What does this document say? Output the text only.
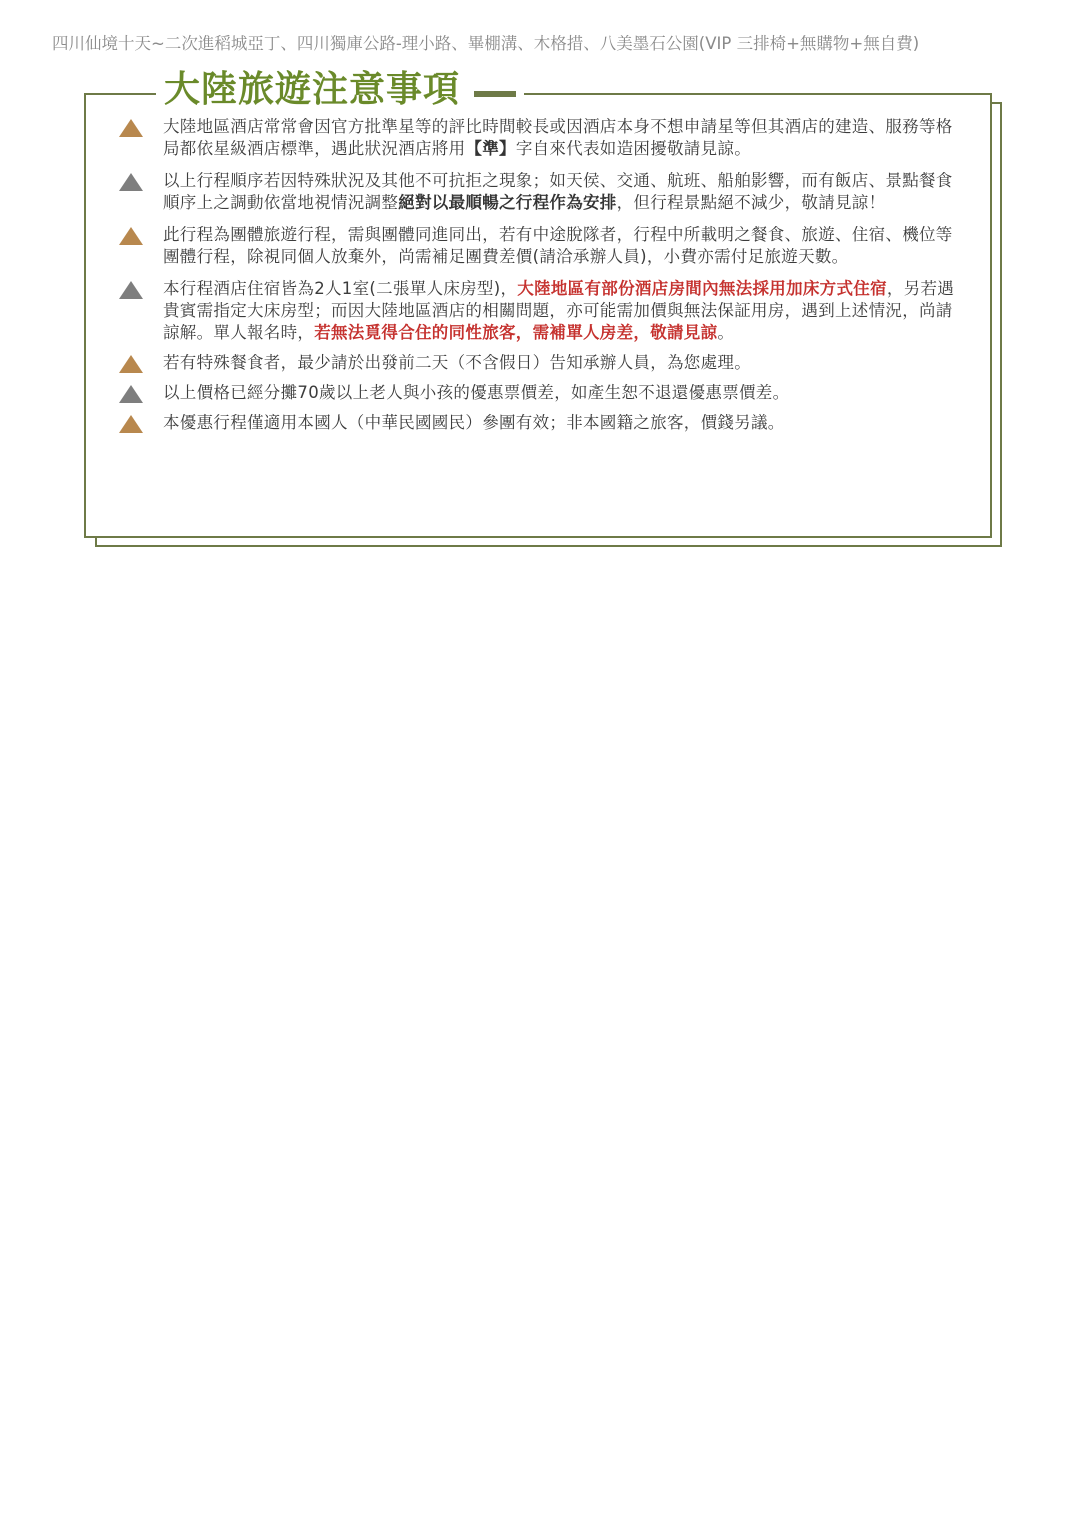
四川仙境十天~二次進稻城亞丁、四川獨庫公路-理小路、畢棚溝、木格措、八美墨石公園(VIP 三排椅+無購物+無自費)
大陸旅遊注意事項
大陸地區酒店常常會因官方批準星等的評比時間較長或因酒店本身不想申請星等但其酒店的建造、服務等格局都依星級酒店標準，遇此狀況酒店將用【準】字自來代表如造困擾敬請見諒。
以上行程順序若因特殊狀況及其他不可抗拒之現象；如天侯、交通、航班、船舶影響，而有飯店、景點餐食順序上之調動依當地視情況調整絕對以最順暢之行程作為安排，但行程景點絕不減少，敬請見諒！
此行程為團體旅遊行程，需與團體同進同出，若有中途脫隊者，行程中所載明之餐食、旅遊、住宿、機位等團體行程，除視同個人放棄外，尚需補足團費差價(請洽承辦人員)，小費亦需付足旅遊天數。
本行程酒店住宿皆為2人1室(二張單人床房型)，大陸地區有部份酒店房間內無法採用加床方式住宿，另若遇貴賓需指定大床房型；而因大陸地區酒店的相關問題，亦可能需加價與無法保証用房，遇到上述情況，尚請諒解。單人報名時，若無法覓得合住的同性旅客，需補單人房差，敬請見諒。
若有特殊餐食者，最少請於出發前二天（不含假日）告知承辦人員，為您處理。
以上價格已經分攤70歲以上老人與小孩的優惠票價差，如產生恕不退還優惠票價差。
本優惠行程僅適用本國人（中華民國國民）參團有效；非本國籍之旅客，價錢另議。
